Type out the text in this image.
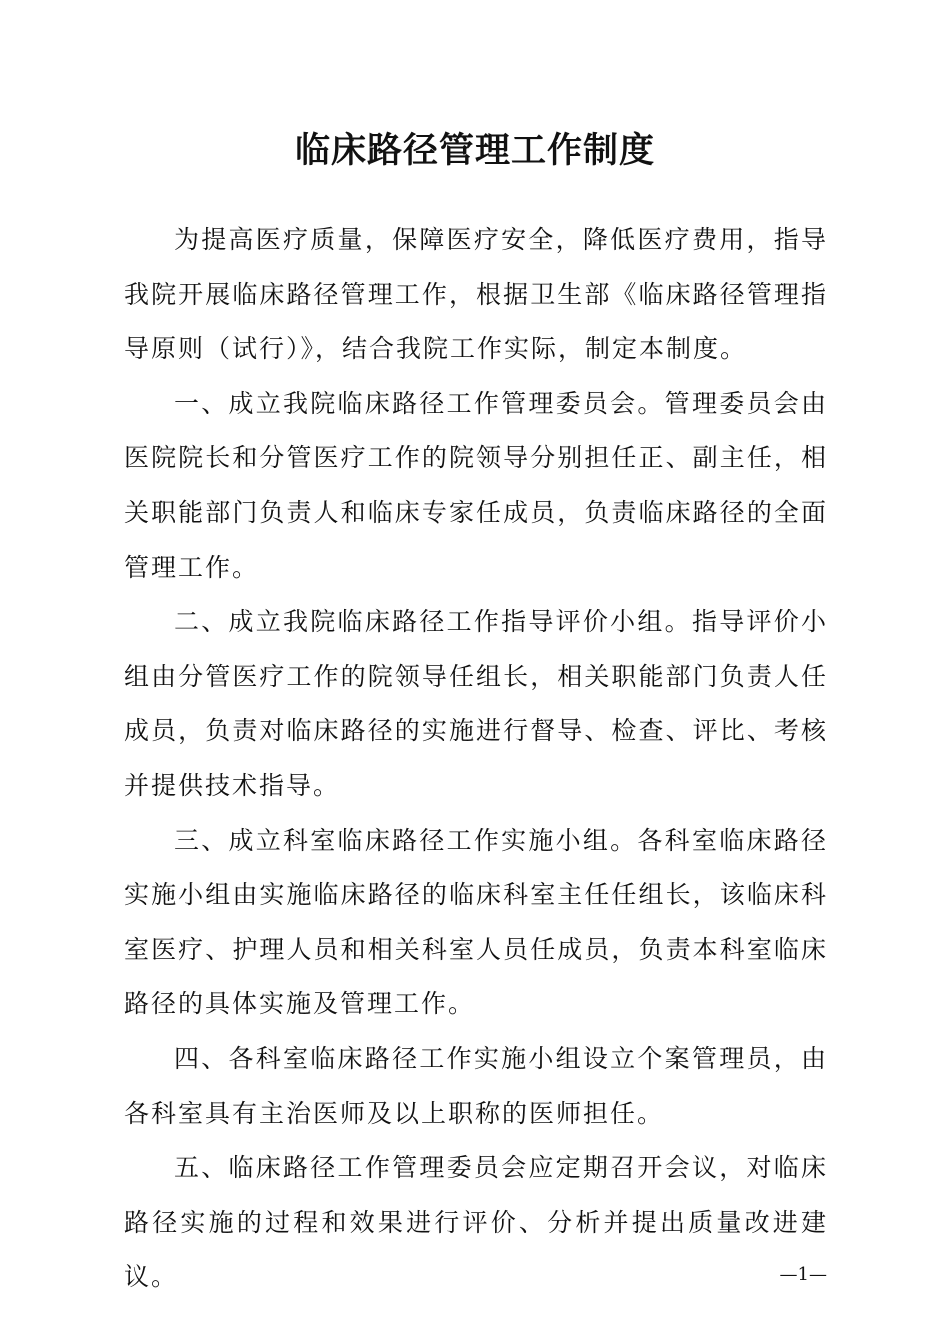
临床路径管理工作制度

为提高医疗质量，保障医疗安全，降低医疗费用，指导我院开展临床路径管理工作，根据卫生部《临床路径管理指导原则（试行）》，结合我院工作实际，制定本制度。

一、成立我院临床路径工作管理委员会。管理委员会由医院院长和分管医疗工作的院领导分别担任正、副主任，相关职能部门负责人和临床专家任成员，负责临床路径的全面管理工作。

二、成立我院临床路径工作指导评价小组。指导评价小组由分管医疗工作的院领导任组长，相关职能部门负责人任成员，负责对临床路径的实施进行督导、检查、评比、考核并提供技术指导。

三、成立科室临床路径工作实施小组。各科室临床路径实施小组由实施临床路径的临床科室主任任组长，该临床科室医疗、护理人员和相关科室人员任成员，负责本科室临床路径的具体实施及管理工作。

四、各科室临床路径工作实施小组设立个案管理员，由各科室具有主治医师及以上职称的医师担任。

五、临床路径工作管理委员会应定期召开会议，对临床路径实施的过程和效果进行评价、分析并提出质量改进建议。	—1—
